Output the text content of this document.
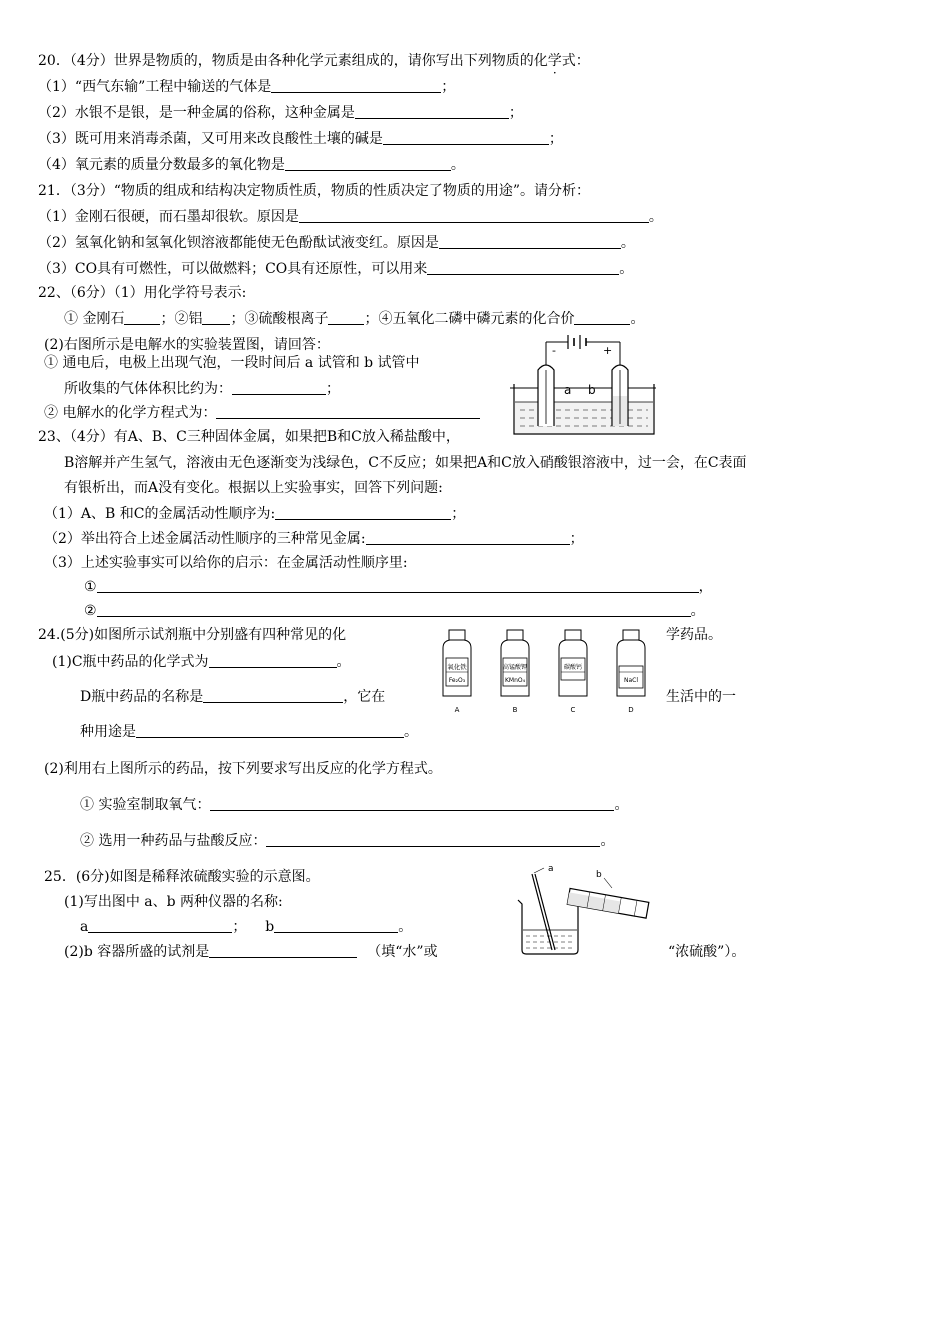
20．（4分）世界是物质的，物质是由各种化学元素组成的，请你写出下列物质的化学式：
（1）“西气东输”工程中输送的气体是	；
（2）水银不是银，是一种金属的俗称，这种金属是	；
（3）既可用来消毒杀菌，又可用来改良酸性土壤的碱是	；
（4）氧元素的质量分数最多的氧化物是	。
21．（3分）“物质的组成和结构决定物质性质，物质的性质决定了物质的用途”。请分析：
（1）金刚石很硬，而石墨却很软。原因是	。
（2）氢氧化钠和氢氧化钡溶液都能使无色酚酞试液变红。原因是	。
（3）CO具有可燃性，可以做燃料；CO具有还原性，可以用来	。
22、（6分）（1）用化学符号表示:
① 金刚石	；②铝 ；③硫酸根离子	；④五氧化二磷中磷元素的化合价	。
(2)右图所示是电解水的实验装置图，请回答：
① 通电后，电极上出现气泡，一段时间后 a 试管和 b 试管中
所收集的气体体积比约为：	；
② 电解水的化学方程式为：
-	+
a b
23、（4分）有A、B、C三种固体金属，如果把B和C放入稀盐酸中，
B溶解并产生氢气，溶液由无色逐渐变为浅绿色，C不反应；如果把A和C放入硝酸银溶液中，过一会，在C表面
有银析出，而A没有变化。根据以上实验事实，回答下列问题:
（1）A、B 和C的金属活动性顺序为:	；
（2）举出符合上述金属活动性顺序的三种常见金属:	；
（3）上述实验事实可以给你的启示：在金属活动性顺序里:
①	，
②	。
24.(5分)如图所示试剂瓶中分别盛有四种常见的化	学药品。
(1)C瓶中药品的化学式为	。
D瓶中药品的名称是	，它在	生活中的一
种用途是	。
(2)利用右上图所示的药品，按下列要求写出反应的化学方程式。
① 实验室制取氧气：	。
② 选用一种药品与盐酸反应：	。
氧化铁
Fe₂O₃
A
高锰酸钾
KMnO₄
B
碳酸钙
C
NaCl
D
25．(6分)如图是稀释浓硫酸实验的示意图。
(1)写出图中 a、b 两种仪器的名称:
a	； b	。
(2)b 容器所盛的试剂是	（填“水”或	“浓硫酸”）。
a
b
